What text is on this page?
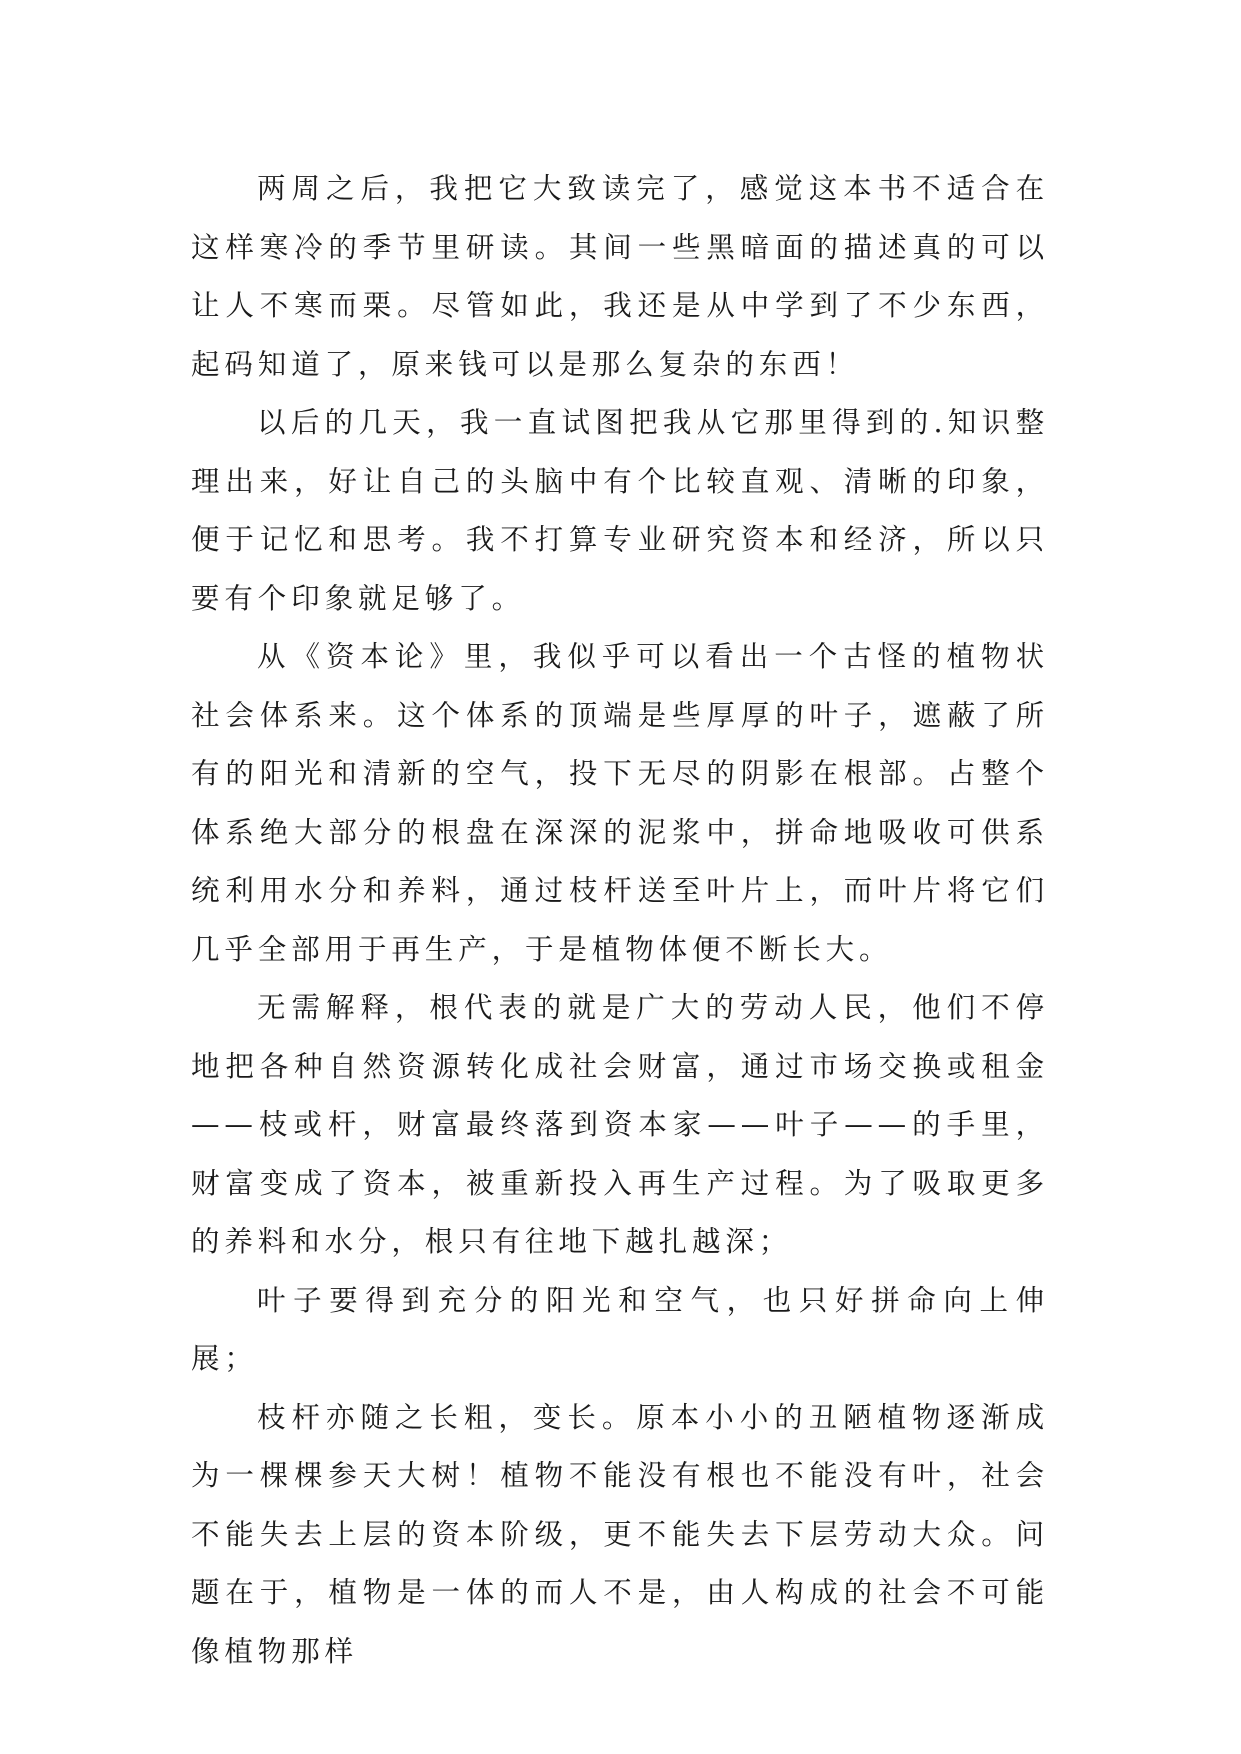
两周之后，我把它大致读完了，感觉这本书不适合在这样寒冷的季节里研读。其间一些黑暗面的描述真的可以让人不寒而栗。尽管如此，我还是从中学到了不少东西，起码知道了，原来钱可以是那么复杂的东西！

以后的几天，我一直试图把我从它那里得到的.知识整理出来，好让自己的头脑中有个比较直观、清晰的印象，便于记忆和思考。我不打算专业研究资本和经济，所以只要有个印象就足够了。

从《资本论》里，我似乎可以看出一个古怪的植物状社会体系来。这个体系的顶端是些厚厚的叶子，遮蔽了所有的阳光和清新的空气，投下无尽的阴影在根部。占整个体系绝大部分的根盘在深深的泥浆中，拼命地吸收可供系统利用水分和养料，通过枝杆送至叶片上，而叶片将它们几乎全部用于再生产，于是植物体便不断长大。

无需解释，根代表的就是广大的劳动人民，他们不停地把各种自然资源转化成社会财富，通过市场交换或租金——枝或杆，财富最终落到资本家——叶子——的手里，财富变成了资本，被重新投入再生产过程。为了吸取更多的养料和水分，根只有往地下越扎越深；

叶子要得到充分的阳光和空气，也只好拼命向上伸展；

枝杆亦随之长粗，变长。原本小小的丑陋植物逐渐成为一棵棵参天大树！植物不能没有根也不能没有叶，社会不能失去上层的资本阶级，更不能失去下层劳动大众。问题在于，植物是一体的而人不是，由人构成的社会不可能像植物那样
